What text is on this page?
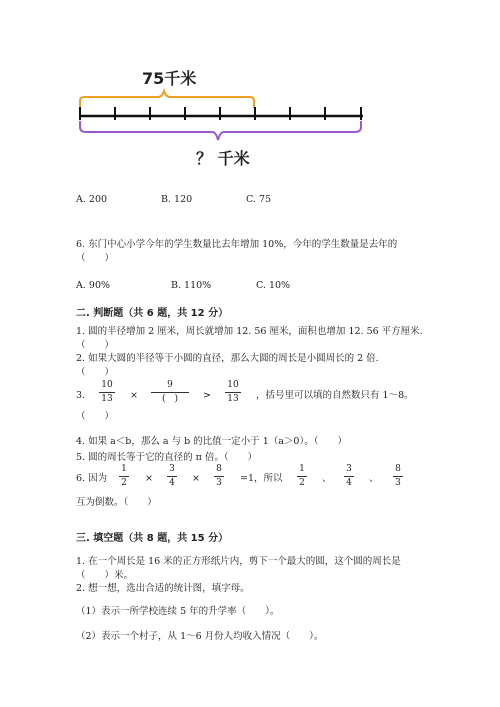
75千米
？ 千米
A. 200	B. 120	C. 75
6. 东门中心小学今年的学生数量比去年增加 10%，今年的学生数量是去年的
（　　）
A. 90%	B. 110%	C. 10%
二. 判断题（共 6 题，共 12 分）
1. 圆的半径增加 2 厘米，周长就增加 12. 56 厘米，面积也增加 12. 56 平方厘米.
（　　）
2. 如果大圆的半径等于小圆的直径，那么大圆的周长是小圆周长的 2 倍.
（　　）
3.
10
13 ×
9
(　)	>
10
13 ，括号里可以填的自然数只有 1～8。
（　　）
4. 如果 a＜b，那么 a 与 b 的比值一定小于 1（a＞0）。（　　）
5. 圆的周长等于它的直径的 π 倍。（　　）
6. 因为
1
2 ×
3
4 ×
8
3 =1，所以
1
2 、
3
4 、
8
3
互为倒数。（　　）
三. 填空题（共 8 题，共 15 分）
1. 在一个周长是 16 米的正方形纸片内，剪下一个最大的圆，这个圆的周长是
（　　）米。
2. 想一想，选出合适的统计图，填字母。
（1）表示一所学校连续 5 年的升学率（　　）。
（2）表示一个村子，从 1～6 月份人均收入情况（　　）。
